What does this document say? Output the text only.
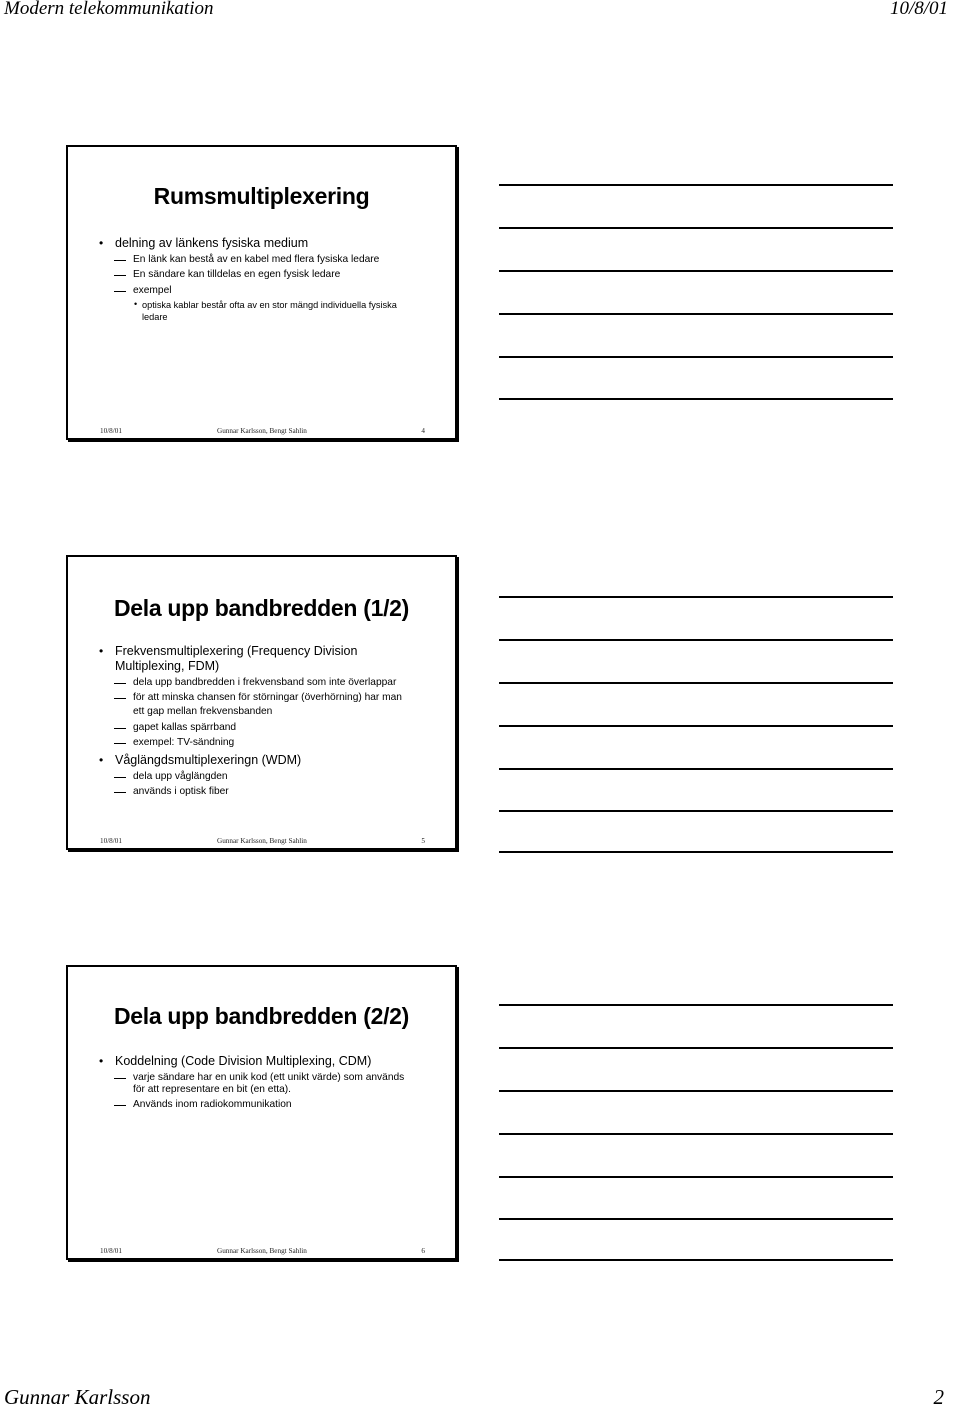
Modern telekommunikation	10/8/01
Rumsmultiplexering
• delning av länkens fysiska medium
En länk kan bestå av en kabel med flera fysiska ledare
En sändare kan tilldelas en egen fysisk ledare
exempel
• optiska kablar består ofta av en stor mängd individuella fysiska
ledare
10/8/01	Gunnar Karlsson, Bengt Sahlin	4
Dela upp bandbredden (1/2)
• Frekvensmultiplexering (Frequency Division
Multiplexing, FDM)
dela upp bandbredden i frekvensband som inte överlappar
för att minska chansen för störningar (överhörning) har man
ett gap mellan frekvensbanden
gapet kallas spärrband
exempel: TV-sändning
• Våglängdsmultiplexeringn (WDM)
dela upp våglängden
används i optisk fiber
10/8/01	Gunnar Karlsson, Bengt Sahlin	5
Dela upp bandbredden (2/2)
• Koddelning (Code Division Multiplexing, CDM)
varje sändare har en unik kod (ett unikt värde) som används
för att representare en bit (en etta).
Används inom radiokommunikation
10/8/01	Gunnar Karlsson, Bengt Sahlin	6
Gunnar Karlsson	2
